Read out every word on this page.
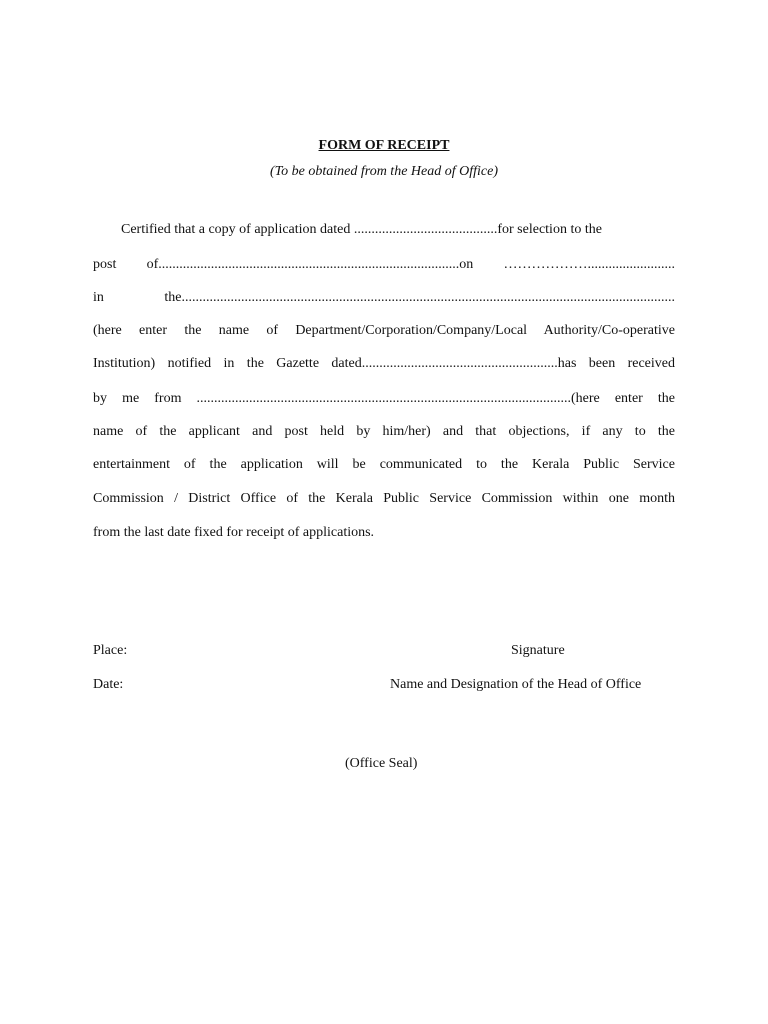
FORM OF RECEIPT
(To be obtained from the Head of Office)
Certified that a copy of application dated .........................................for selection to the
post of......................................................................................on ……………….........................
in the.............................................................................................................................................
(here enter the name of Department/Corporation/Company/Local Authority/Co-operative
Institution) notified in the Gazette dated........................................................has been received
by me from ...........................................................................................................(here enter the
name of the applicant and post held by him/her) and that objections, if any to the
entertainment of the application will be communicated to the Kerala Public Service
Commission / District Office of the Kerala Public Service Commission within one month
from the last date fixed for receipt of applications.
Place:
Date:
Signature
Name and Designation of the Head of Office
(Office Seal)
